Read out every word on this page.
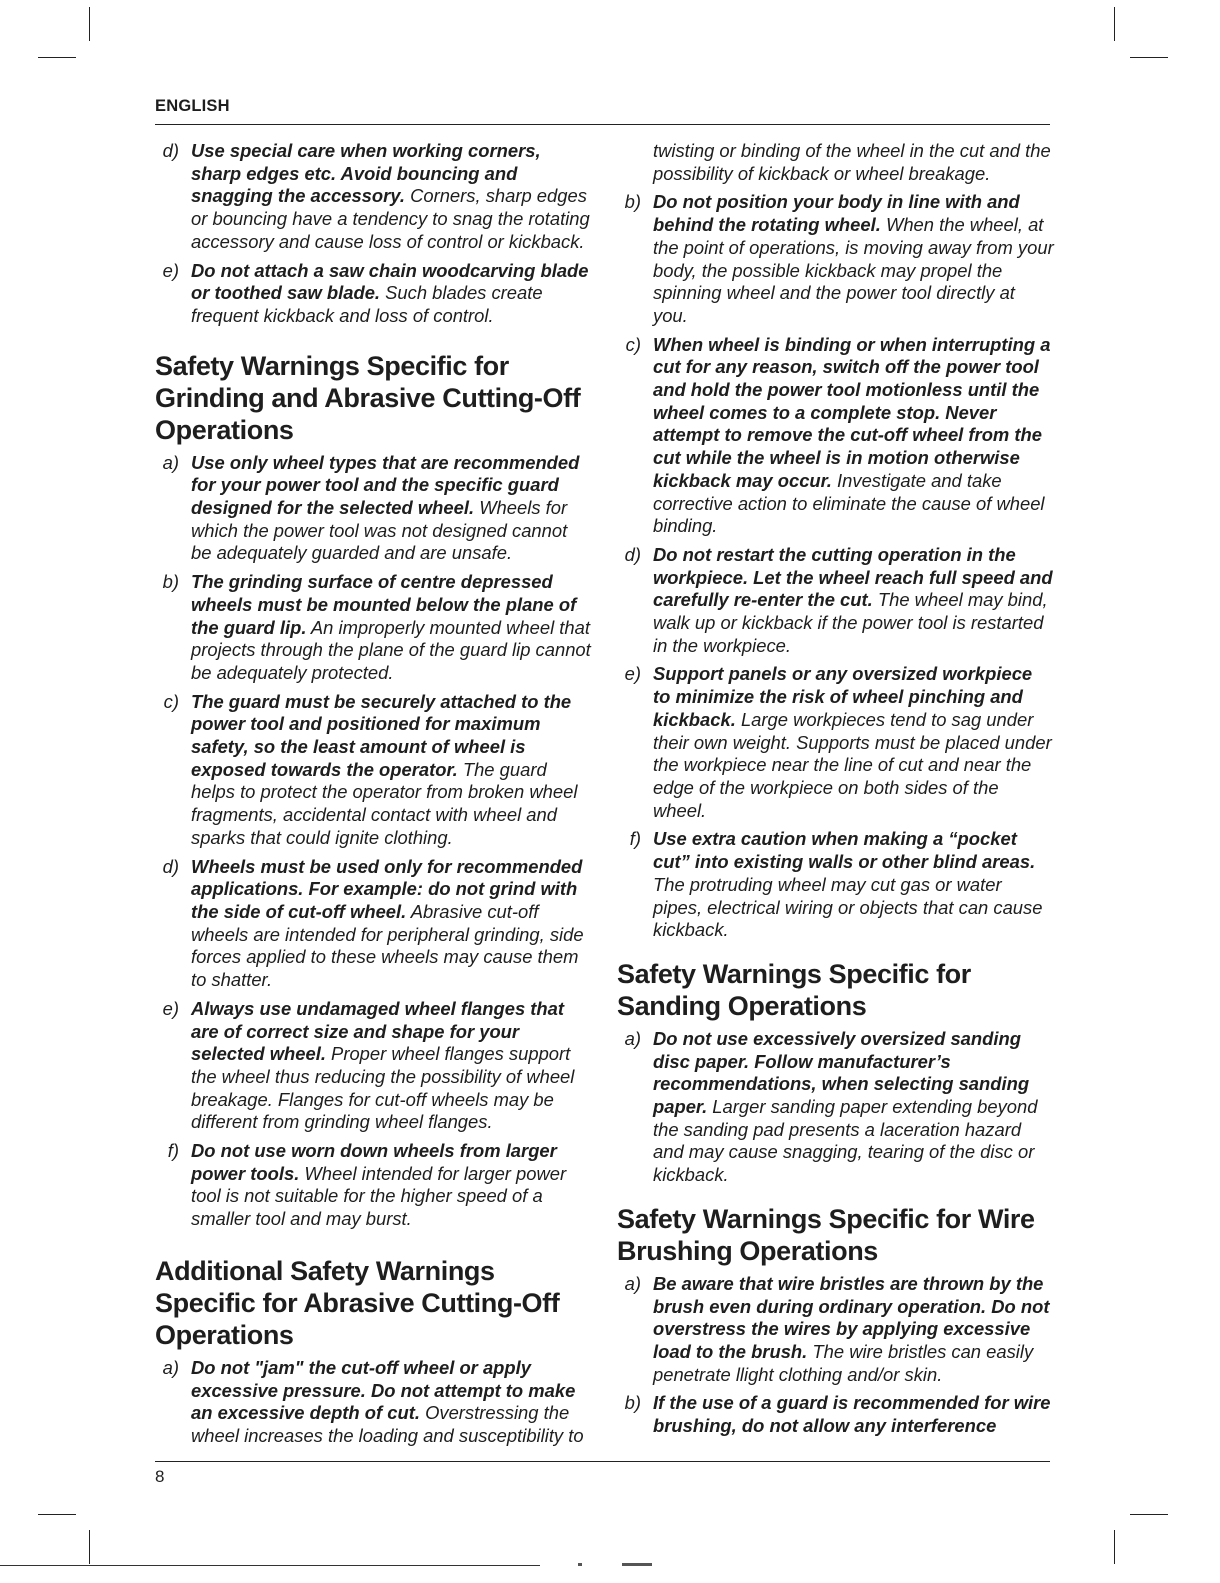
ENGLISH

d) Use special care when working corners, sharp edges etc. Avoid bouncing and snagging the accessory. Corners, sharp edges or bouncing have a tendency to snag the rotating accessory and cause loss of control or kickback.
e) Do not attach a saw chain woodcarving blade or toothed saw blade. Such blades create frequent kickback and loss of control.
Safety Warnings Specific for Grinding and Abrasive Cutting-Off Operations
a) Use only wheel types that are recommended for your power tool and the specific guard designed for the selected wheel. Wheels for which the power tool was not designed cannot be adequately guarded and are unsafe.
b) The grinding surface of centre depressed wheels must be mounted below the plane of the guard lip. An improperly mounted wheel that projects through the plane of the guard lip cannot be adequately protected.
c) The guard must be securely attached to the power tool and positioned for maximum safety, so the least amount of wheel is exposed towards the operator. The guard helps to protect the operator from broken wheel fragments, accidental contact with wheel and sparks that could ignite clothing.
d) Wheels must be used only for recommended applications. For example: do not grind with the side of cut-off wheel. Abrasive cut-off wheels are intended for peripheral grinding, side forces applied to these wheels may cause them to shatter.
e) Always use undamaged wheel flanges that are of correct size and shape for your selected wheel. Proper wheel flanges support the wheel thus reducing the possibility of wheel breakage. Flanges for cut-off wheels may be different from grinding wheel flanges.
f) Do not use worn down wheels from larger power tools. Wheel intended for larger power tool is not suitable for the higher speed of a smaller tool and may burst.
Additional Safety Warnings Specific for Abrasive Cutting-Off Operations
a) Do not "jam" the cut-off wheel or apply excessive pressure. Do not attempt to make an excessive depth of cut. Overstressing the wheel increases the loading and susceptibility to
twisting or binding of the wheel in the cut and the possibility of kickback or wheel breakage.
b) Do not position your body in line with and behind the rotating wheel. When the wheel, at the point of operations, is moving away from your body, the possible kickback may propel the spinning wheel and the power tool directly at you.
c) When wheel is binding or when interrupting a cut for any reason, switch off the power tool and hold the power tool motionless until the wheel comes to a complete stop. Never attempt to remove the cut-off wheel from the cut while the wheel is in motion otherwise kickback may occur. Investigate and take corrective action to eliminate the cause of wheel binding.
d) Do not restart the cutting operation in the workpiece. Let the wheel reach full speed and carefully re-enter the cut. The wheel may bind, walk up or kickback if the power tool is restarted in the workpiece.
e) Support panels or any oversized workpiece to minimize the risk of wheel pinching and kickback. Large workpieces tend to sag under their own weight. Supports must be placed under the workpiece near the line of cut and near the edge of the workpiece on both sides of the wheel.
f) Use extra caution when making a “pocket cut” into existing walls or other blind areas. The protruding wheel may cut gas or water pipes, electrical wiring or objects that can cause kickback.
Safety Warnings Specific for Sanding Operations
a) Do not use excessively oversized sanding disc paper. Follow manufacturer’s recommendations, when selecting sanding paper. Larger sanding paper extending beyond the sanding pad presents a laceration hazard and may cause snagging, tearing of the disc or kickback.
Safety Warnings Specific for Wire Brushing Operations
a) Be aware that wire bristles are thrown by the brush even during ordinary operation. Do not overstress the wires by applying excessive load to the brush. The wire bristles can easily penetrate llight clothing and/or skin.
b) If the use of a guard is recommended for wire brushing, do not allow any interference

8
